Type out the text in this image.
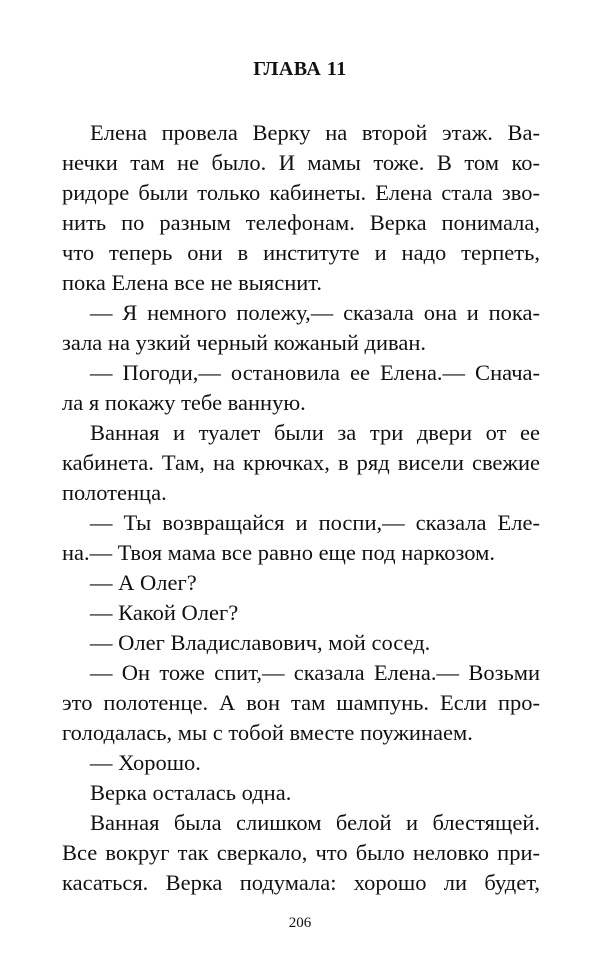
ГЛАВА 11
Елена провела Верку на второй этаж. Ва-
нечки там не было. И мамы тоже. В том ко-
ридоре были только кабинеты. Елена стала зво-
нить по разным телефонам. Верка понимала,
что теперь они в институте и надо терпеть,
пока Елена все не выяснит.
— Я немного полежу,— сказала она и пока-
зала на узкий черный кожаный диван.
— Погоди,— остановила ее Елена.— Снача-
ла я покажу тебе ванную.
Ванная и туалет были за три двери от ее
кабинета. Там, на крючках, в ряд висели свежие
полотенца.
— Ты возвращайся и поспи,— сказала Еле-
на.— Твоя мама все равно еще под наркозом.
— А Олег?
— Какой Олег?
— Олег Владиславович, мой сосед.
— Он тоже спит,— сказала Елена.— Возьми
это полотенце. А вон там шампунь. Если про-
голодалась, мы с тобой вместе поужинаем.
— Хорошо.
Верка осталась одна.
Ванная была слишком белой и блестящей.
Все вокруг так сверкало, что было неловко при-
касаться. Верка подумала: хорошо ли будет,
206
